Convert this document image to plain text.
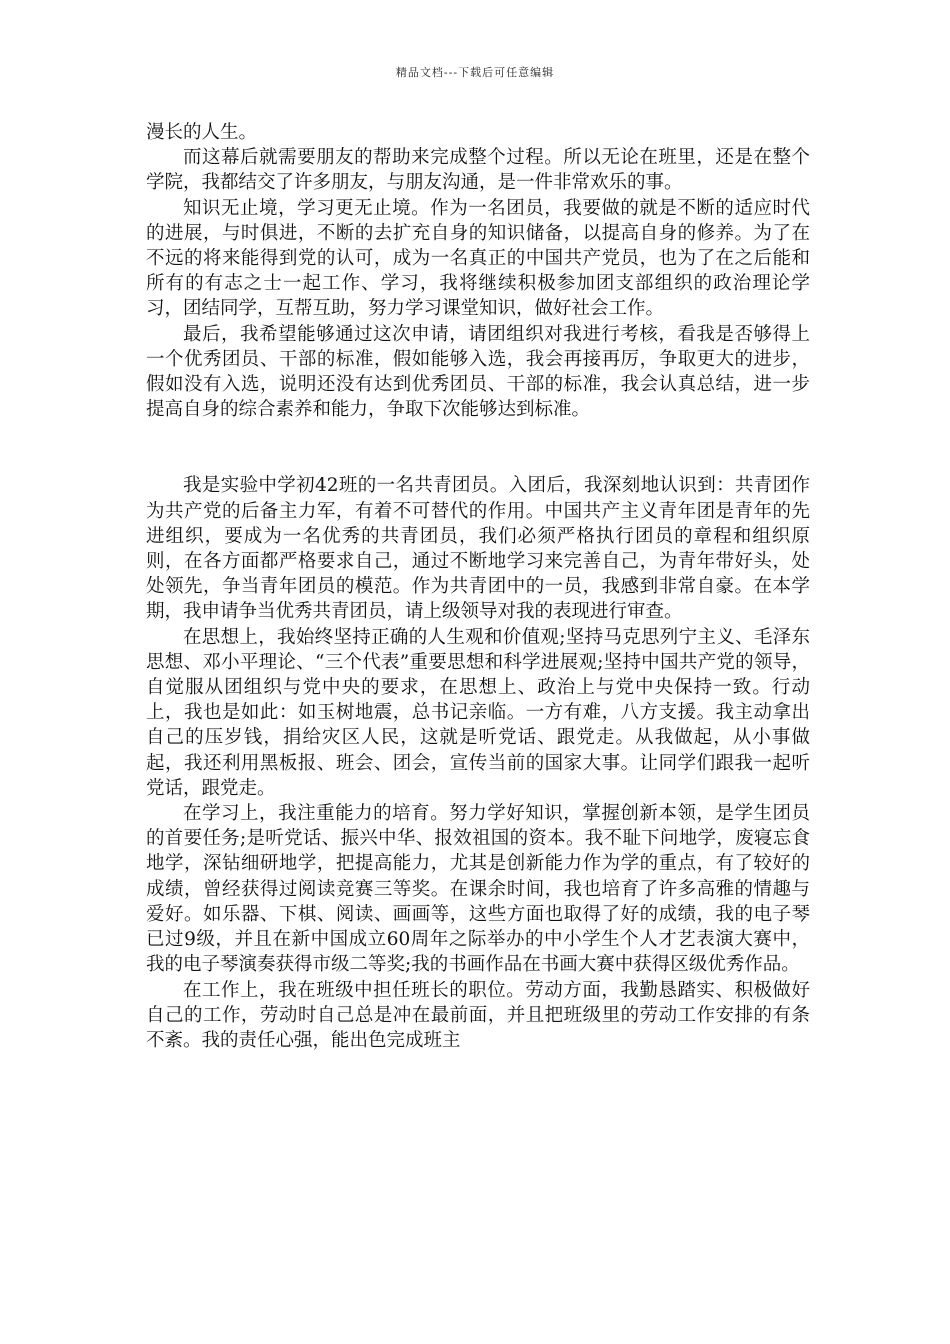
精品文档---下载后可任意编辑

漫长的人生。

而这幕后就需要朋友的帮助来完成整个过程。所以无论在班里，还是在整个学院，我都结交了许多朋友，与朋友沟通，是一件非常欢乐的事。

知识无止境，学习更无止境。作为一名团员，我要做的就是不断的适应时代的进展，与时俱进，不断的去扩充自身的知识储备，以提高自身的修养。为了在不远的将来能得到党的认可，成为一名真正的中国共产党员，也为了在之后能和所有的有志之士一起工作、学习，我将继续积极参加团支部组织的政治理论学习，团结同学，互帮互助，努力学习课堂知识，做好社会工作。

最后，我希望能够通过这次申请，请团组织对我进行考核，看我是否够得上一个优秀团员、干部的标准，假如能够入选，我会再接再厉，争取更大的进步，假如没有入选，说明还没有达到优秀团员、干部的标准，我会认真总结，进一步提高自身的综合素养和能力，争取下次能够达到标准。

我是实验中学初42班的一名共青团员。入团后，我深刻地认识到：共青团作为共产党的后备主力军，有着不可替代的作用。中国共产主义青年团是青年的先进组织，要成为一名优秀的共青团员，我们必须严格执行团员的章程和组织原则，在各方面都严格要求自己，通过不断地学习来完善自己，为青年带好头，处处领先，争当青年团员的模范。作为共青团中的一员，我感到非常自豪。在本学期，我申请争当优秀共青团员，请上级领导对我的表现进行审查。

在思想上，我始终坚持正确的人生观和价值观;坚持马克思列宁主义、毛泽东思想、邓小平理论、“三个代表”重要思想和科学进展观;坚持中国共产党的领导，自觉服从团组织与党中央的要求，在思想上、政治上与党中央保持一致。行动上，我也是如此：如玉树地震，总书记亲临。一方有难，八方支援。我主动拿出自己的压岁钱，捐给灾区人民，这就是听党话、跟党走。从我做起，从小事做起，我还利用黑板报、班会、团会，宣传当前的国家大事。让同学们跟我一起听党话，跟党走。

在学习上，我注重能力的培育。努力学好知识，掌握创新本领，是学生团员的首要任务;是听党话、振兴中华、报效祖国的资本。我不耻下问地学，废寝忘食地学，深钻细研地学，把提高能力，尤其是创新能力作为学的重点，有了较好的成绩，曾经获得过阅读竞赛三等奖。在课余时间，我也培育了许多高雅的情趣与爱好。如乐器、下棋、阅读、画画等，这些方面也取得了好的成绩，我的电子琴已过9级，并且在新中国成立60周年之际举办的中小学生个人才艺表演大赛中，我的电子琴演奏获得市级二等奖;我的书画作品在书画大赛中获得区级优秀作品。

在工作上，我在班级中担任班长的职位。劳动方面，我勤恳踏实、积极做好自己的工作，劳动时自己总是冲在最前面，并且把班级里的劳动工作安排的有条不紊。我的责任心强，能出色完成班主
